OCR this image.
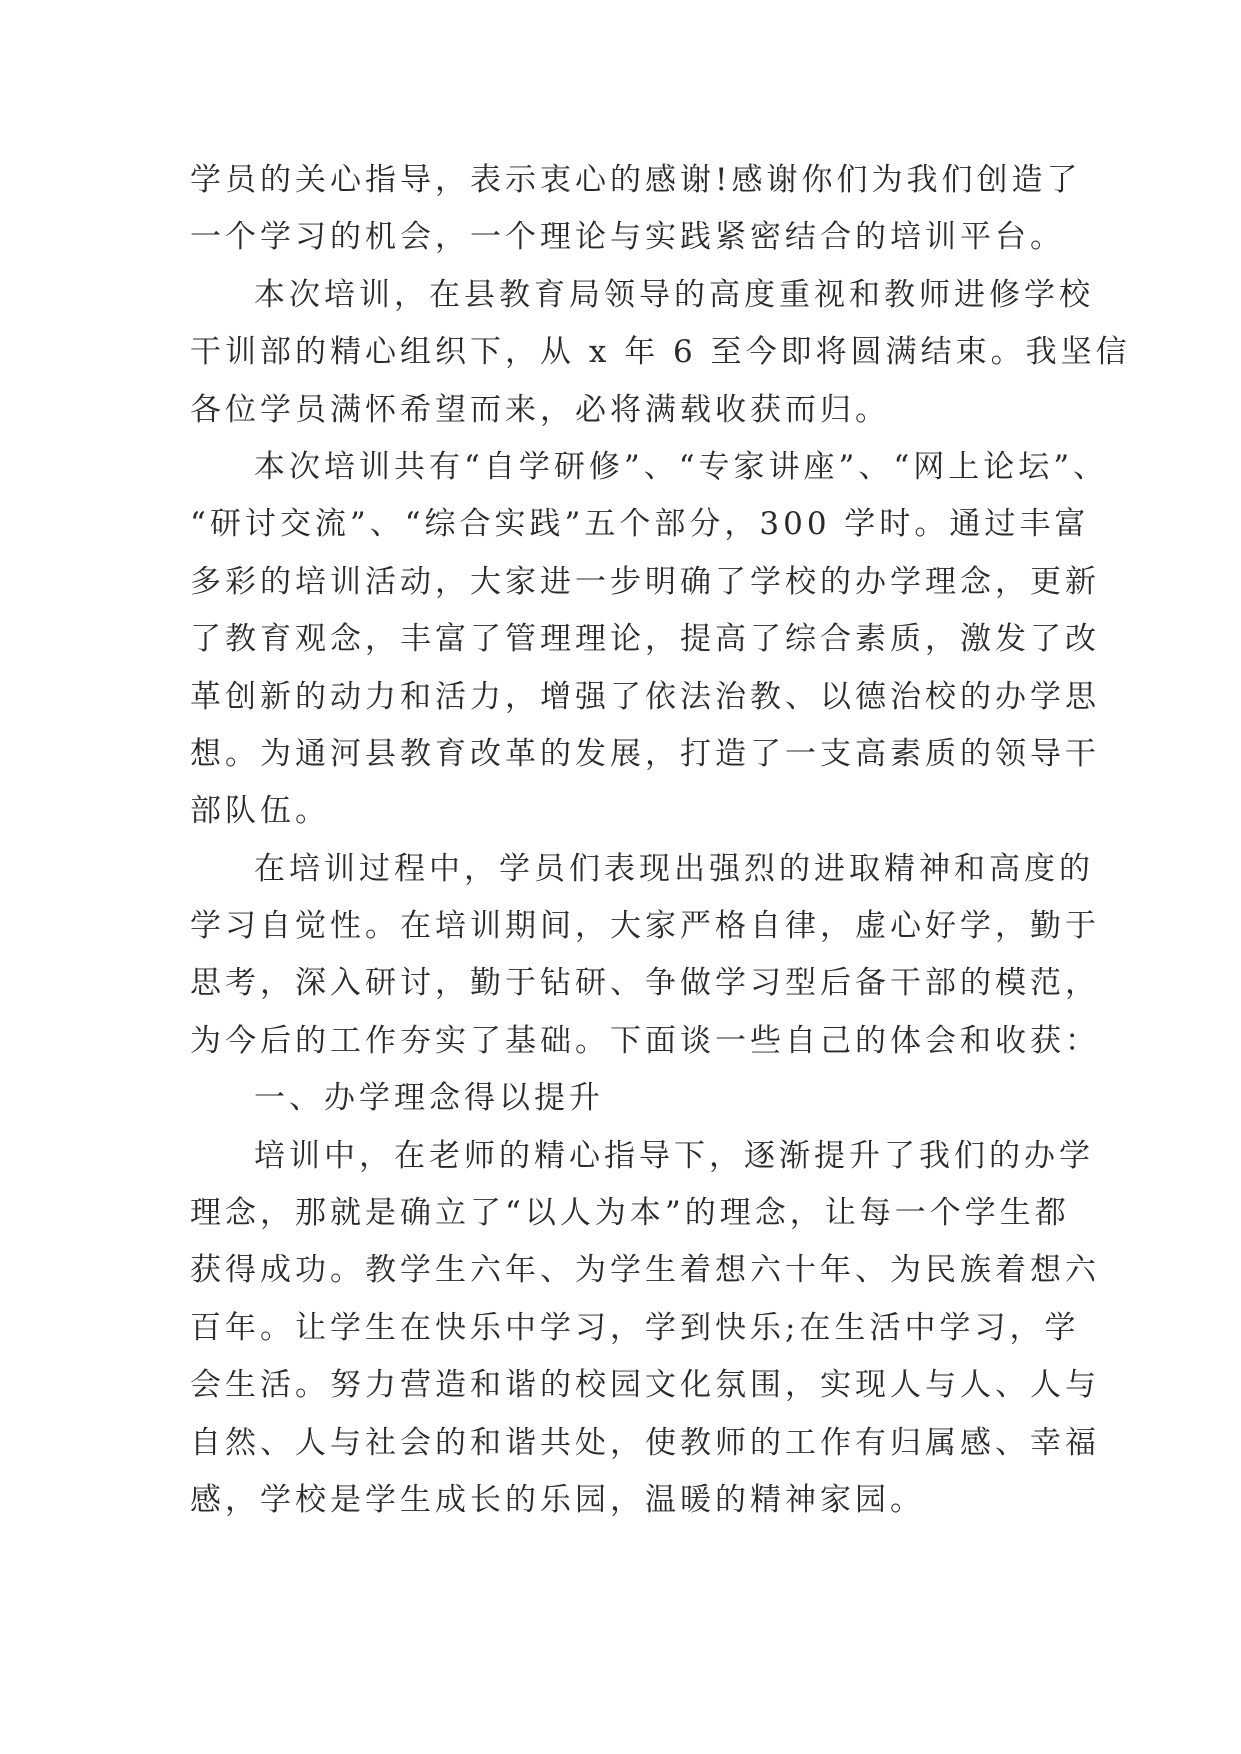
学员的关心指导，表示衷心的感谢!感谢你们为我们创造了
一个学习的机会，一个理论与实践紧密结合的培训平台。
本次培训，在县教育局领导的高度重视和教师进修学校
干训部的精心组织下，从 x 年 6 至今即将圆满结束。我坚信
各位学员满怀希望而来，必将满载收获而归。
本次培训共有“自学研修”、“专家讲座”、“网上论坛”、
“研讨交流”、“综合实践”五个部分，300 学时。通过丰富
多彩的培训活动，大家进一步明确了学校的办学理念，更新
了教育观念，丰富了管理理论，提高了综合素质，激发了改
革创新的动力和活力，增强了依法治教、以德治校的办学思
想。为通河县教育改革的发展，打造了一支高素质的领导干
部队伍。
在培训过程中，学员们表现出强烈的进取精神和高度的
学习自觉性。在培训期间，大家严格自律，虚心好学，勤于
思考，深入研讨，勤于钻研、争做学习型后备干部的模范，
为今后的工作夯实了基础。下面谈一些自己的体会和收获：
一、办学理念得以提升
培训中，在老师的精心指导下，逐渐提升了我们的办学
理念，那就是确立了“以人为本”的理念，让每一个学生都
获得成功。教学生六年、为学生着想六十年、为民族着想六
百年。让学生在快乐中学习，学到快乐;在生活中学习，学
会生活。努力营造和谐的校园文化氛围，实现人与人、人与
自然、人与社会的和谐共处，使教师的工作有归属感、幸福
感，学校是学生成长的乐园，温暖的精神家园。
